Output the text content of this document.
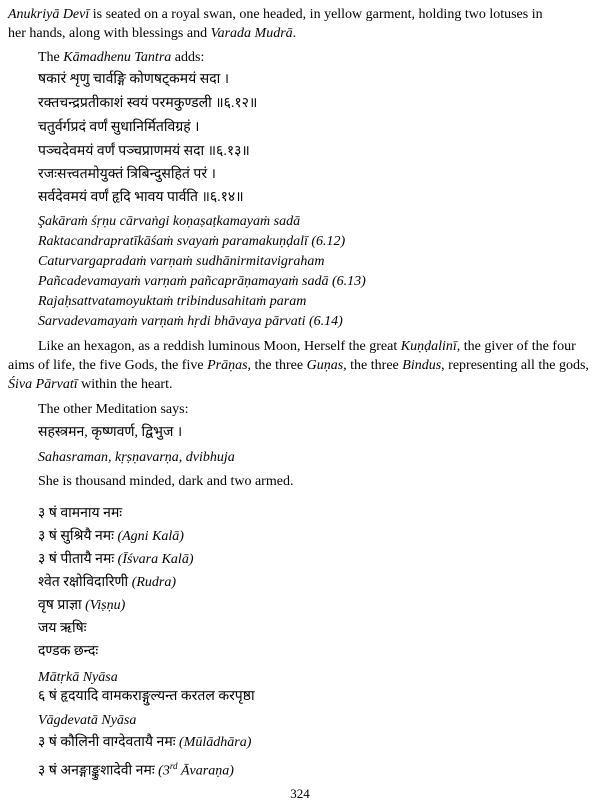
Anukriyā Devī is seated on a royal swan, one headed, in yellow garment, holding two lotuses in
her hands, along with blessings and Varada Mudrā.
The Kāmadhenu Tantra adds:
षकारं शृणु चार्वङ्गि कोणषट्कमयं सदा ।
रक्तचन्द्रप्रतीकाशं स्वयं परमकुण्डली ॥६.१२॥
चतुर्वर्गप्रदं वर्णं सुधानिर्मितविग्रहं ।
पञ्चदेवमयं वर्णं पञ्चप्राणमयं सदा ॥६.१३॥
रजःसत्त्वतमोयुक्तं त्रिबिन्दुसहितं परं ।
सर्वदेवमयं वर्णं हृदि भावय पार्वति ॥६.१४॥
Şakāraṁ śṛṇu cārvaṅgi koṇaṣaṭkamayaṁ sadā
Raktacandrapratīkāśaṁ svayaṁ paramakuṇḍalī (6.12)
Caturvargapradaṁ varṇaṁ sudhānirmitavigraham
Pañcadevamayaṁ varṇaṁ pañcaprāṇamayaṁ sadā (6.13)
Rajaḥsattvatamoyuktaṁ tribindusahitaṁ param
Sarvadevamayaṁ varṇaṁ hṛdi bhāvaya pārvati (6.14)
Like an hexagon, as a reddish luminous Moon, Herself the great Kuṇḍalinī, the giver of the four
aims of life, the five Gods, the five Prāṇas, the three Guṇas, the three Bindus, representing all the gods,
Śiva Pārvatī within the heart.
The other Meditation says:
सहस्त्रमन, कृष्णवर्ण, द्विभुज ।
Sahasraman, kṛṣṇavarṇa, dvibhuja
She is thousand minded, dark and two armed.
३ षं वामनाय नमः
३ षं सुश्रियै नमः (Agni Kalā)
३ षं पीतायै नमः (Īśvara Kalā)
श्वेत रक्षोविदारिणी (Rudra)
वृष प्राज्ञा (Viṣṇu)
जय ऋषिः
दण्डक छन्दः
Mātṛkā Nyāsa
६ षं हृदयादि वामकराङ्गुल्यन्त करतल करपृष्ठा
Vāgdevatā Nyāsa
३ षं कौलिनी वाग्देवतायै नमः (Mūlādhāra)
३ षं अनङ्गाङ्कुशादेवी नमः (3rd Āvaraṇa)
324
